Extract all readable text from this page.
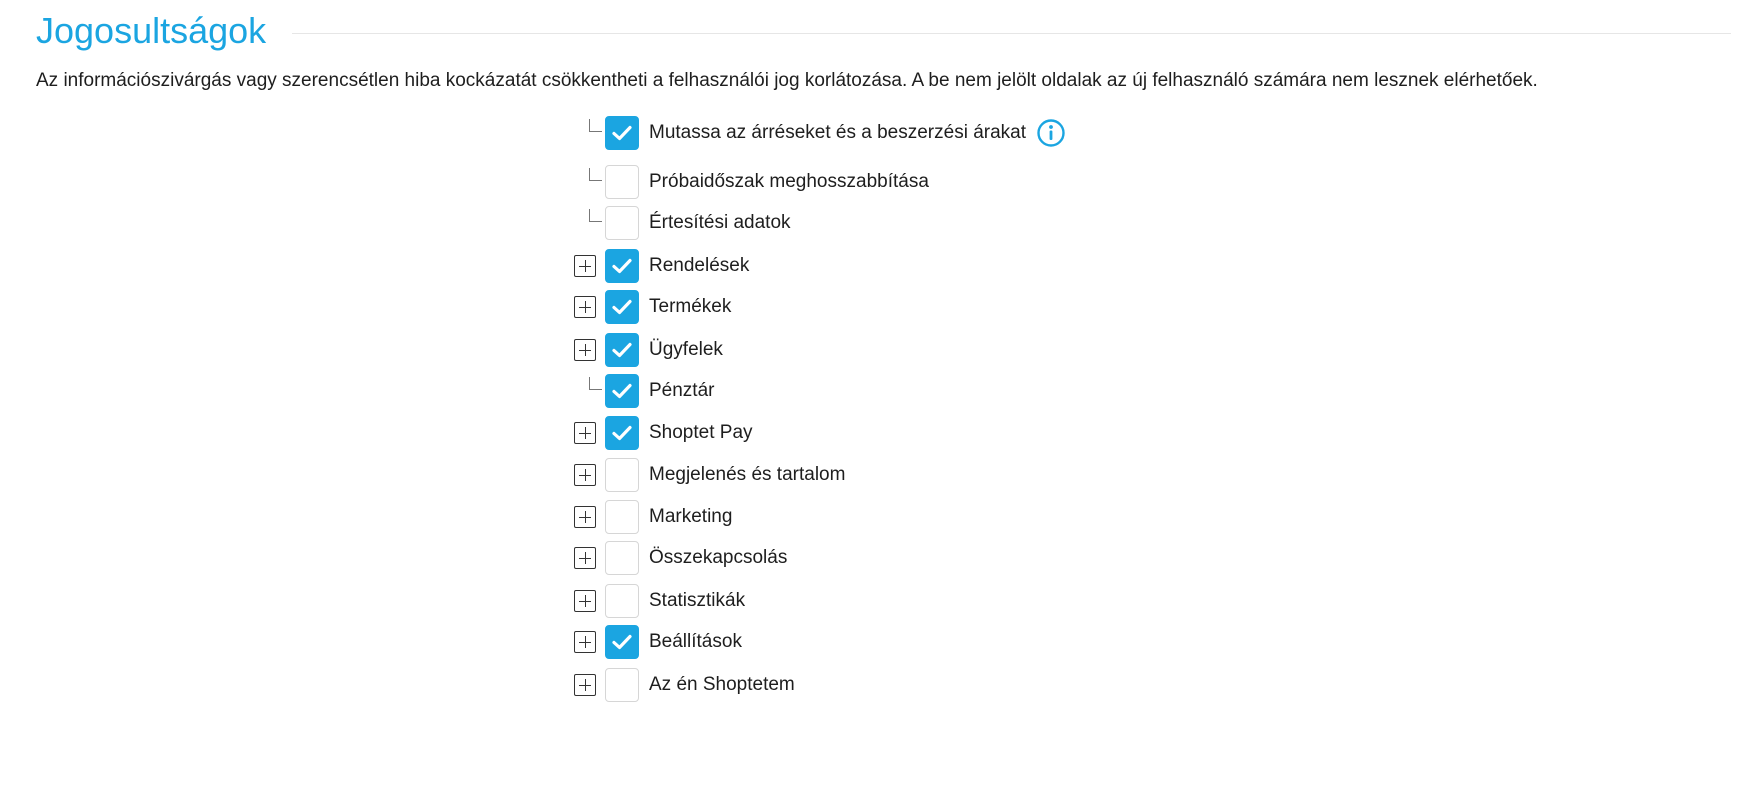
Jogosultságok

Az információszivárgás vagy szerencsétlen hiba kockázatát csökkentheti a felhasználói jog korlátozása. A be nem jelölt oldalak az új felhasználó számára nem lesznek elérhetőek.

Mutassa az árréseket és a beszerzési árakat
Próbaidőszak meghosszabbítása
Értesítési adatok
Rendelések
Termékek
Ügyfelek
Pénztár
Shoptet Pay
Megjelenés és tartalom
Marketing
Összekapcsolás
Statisztikák
Beállítások
Az én Shoptetem
